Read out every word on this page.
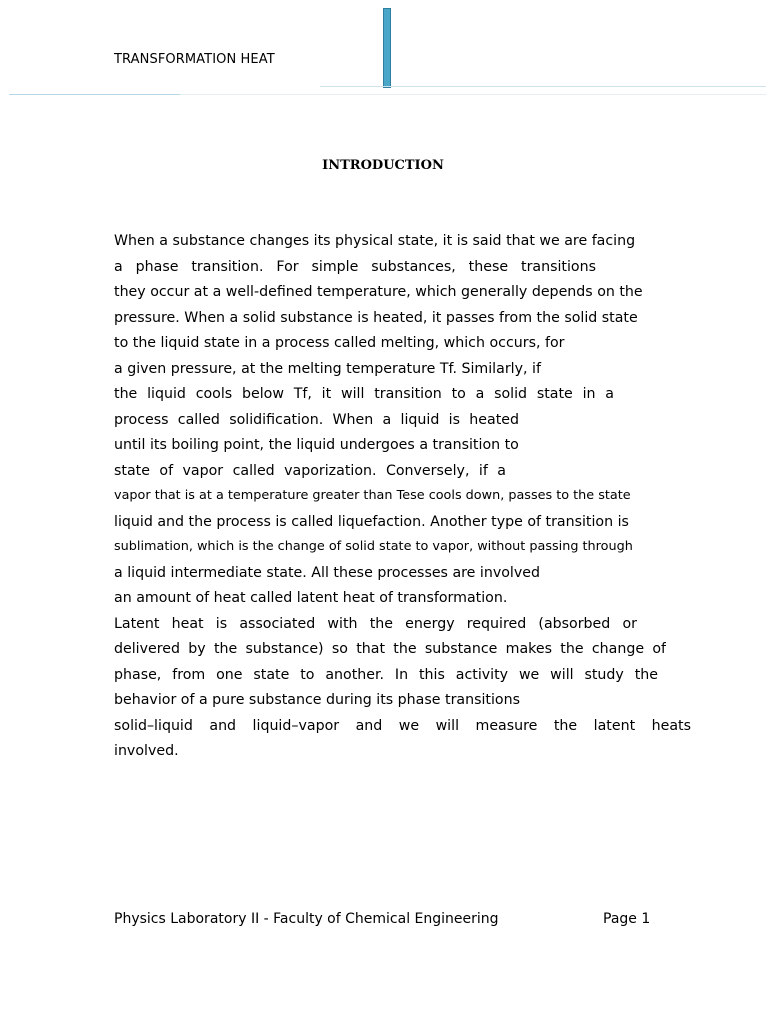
TRANSFORMATION HEAT
INTRODUCTION
When a substance changes its physical state, it is said that we are facing
a phase transition. For simple substances, these transitions
they occur at a well-defined temperature, which generally depends on the
pressure. When a solid substance is heated, it passes from the solid state
to the liquid state in a process called melting, which occurs, for
a given pressure, at the melting temperature Tf. Similarly, if
the liquid cools below Tf, it will transition to a solid state in a
process called solidification. When a liquid is heated
until its boiling point, the liquid undergoes a transition to
state of vapor called vaporization. Conversely, if a
vapor that is at a temperature greater than Tese cools down, passes to the state
liquid and the process is called liquefaction. Another type of transition is
sublimation, which is the change of solid state to vapor, without passing through
a liquid intermediate state. All these processes are involved
an amount of heat called latent heat of transformation.
Latent heat is associated with the energy required (absorbed or
delivered by the substance) so that the substance makes the change of
phase, from one state to another. In this activity we will study the
behavior of a pure substance during its phase transitions
solid–liquid and liquid–vapor and we will measure the latent heats
involved.
Physics Laboratory II - Faculty of Chemical Engineering	Page 1
